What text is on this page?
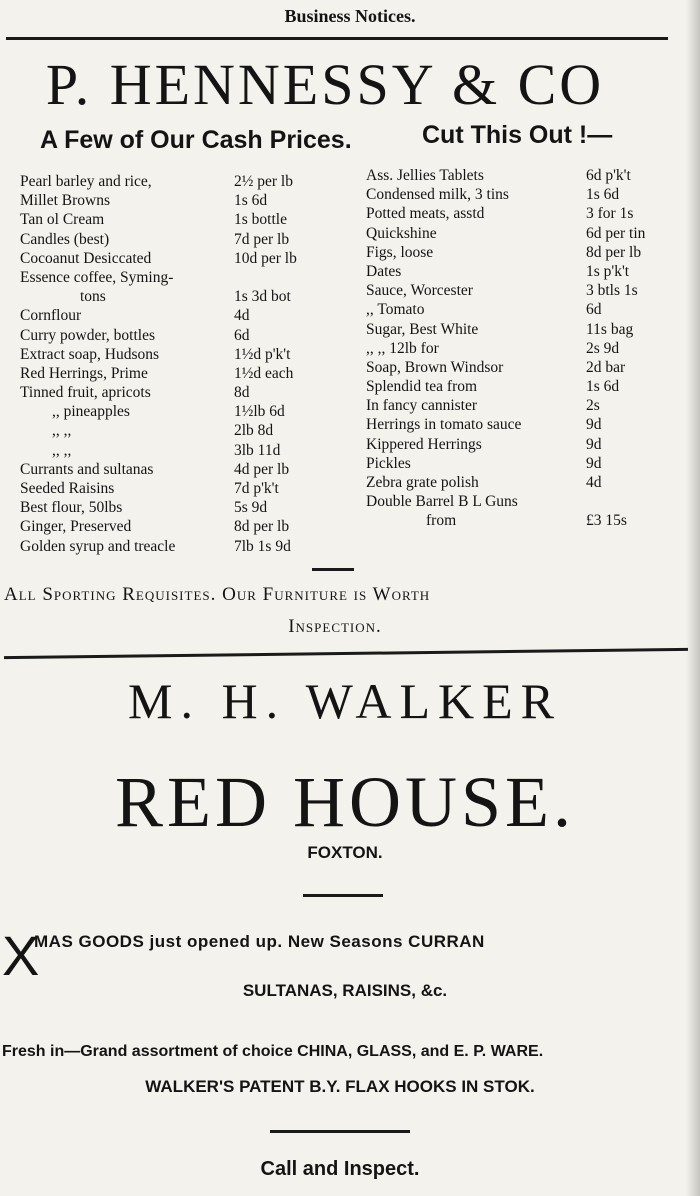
Business Notices.
P. HENNESSY & CO
A Few of Our Cash Prices.	Cut This Out !—
Pearl barley and rice,	2½ per lb
Millet Browns	1s 6d
Tan ol Cream	1s bottle
Candles (best)	7d per lb
Cocoanut Desiccated	10d per lb
Essence coffee, Syming-
tons	1s 3d bot
Cornflour	4d
Curry powder, bottles	6d
Extract soap, Hudsons	1½d p'k't
Red Herrings, Prime	1½d each
Tinned fruit, apricots	8d
,, pineapples	1½lb 6d
,, ,,	2lb 8d
,, ,,	3lb 11d
Currants and sultanas	4d per lb
Seeded Raisins	7d p'k't
Best flour, 50lbs	5s 9d
Ginger, Preserved	8d per lb
Golden syrup and treacle	7lb 1s 9d
Ass. Jellies Tablets	6d p'k't
Condensed milk, 3 tins	1s 6d
Potted meats, asstd	3 for 1s
Quickshine	6d per tin
Figs, loose	8d per lb
Dates	1s p'k't
Sauce, Worcester	3 btls 1s
,, Tomato	6d
Sugar, Best White	11s bag
,, ,, 12lb for	2s 9d
Soap, Brown Windsor	2d bar
Splendid tea from	1s 6d
In fancy cannister	2s
Herrings in tomato sauce	9d
Kippered Herrings	9d
Pickles	9d
Zebra grate polish	4d
Double Barrel B L Guns
from	£3 15s
All Sporting Requisites. Our Furniture is Worth
Inspection.
M. H. WALKER
RED HOUSE.
FOXTON.
X
MAS GOODS just opened up. New Seasons CURRAN
SULTANAS, RAISINS, &c.
Fresh in—Grand assortment of choice CHINA, GLASS, and E. P. WARE.
WALKER'S PATENT B.Y. FLAX HOOKS IN STOK.
Call and Inspect.
